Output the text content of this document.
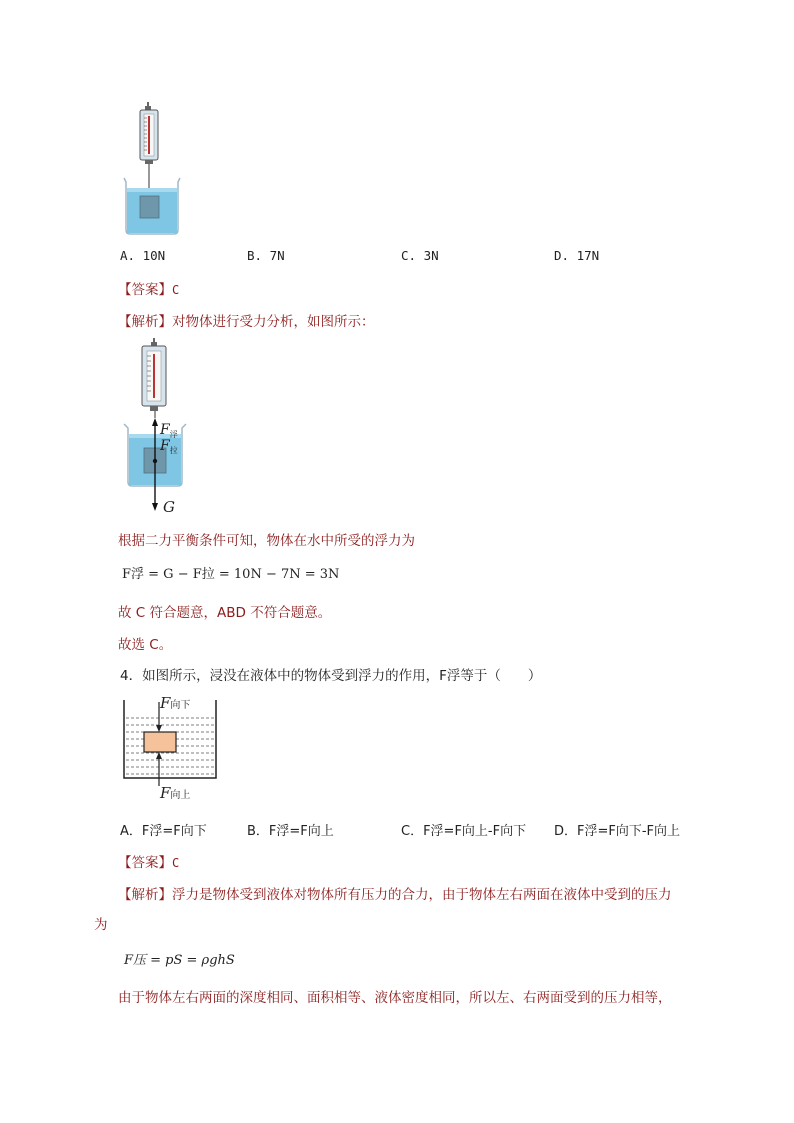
A. 10N	B. 7N	C. 3N	D. 17N
【答案】C
【解析】对物体进行受力分析，如图所示：
$F_浮$
$F_拉$
G
根据二力平衡条件可知，物体在水中所受的浮力为
F浮 = G − F拉 = 10N − 7N = 3N
故 C 符合题意，ABD 不符合题意。
故选 C。
4．如图所示，浸没在液体中的物体受到浮力的作用，F浮等于（　　）
F向下
F向上
A．F浮=F向下	B．F浮=F向上	C．F浮=F向上-F向下 D．F浮=F向下-F向上
【答案】C
【解析】浮力是物体受到液体对物体所有压力的合力，由于物体左右两面在液体中受到的压力
为
F压 = pS = ρghS
由于物体左右两面的深度相同、面积相等、液体密度相同，所以左、右两面受到的压力相等，
